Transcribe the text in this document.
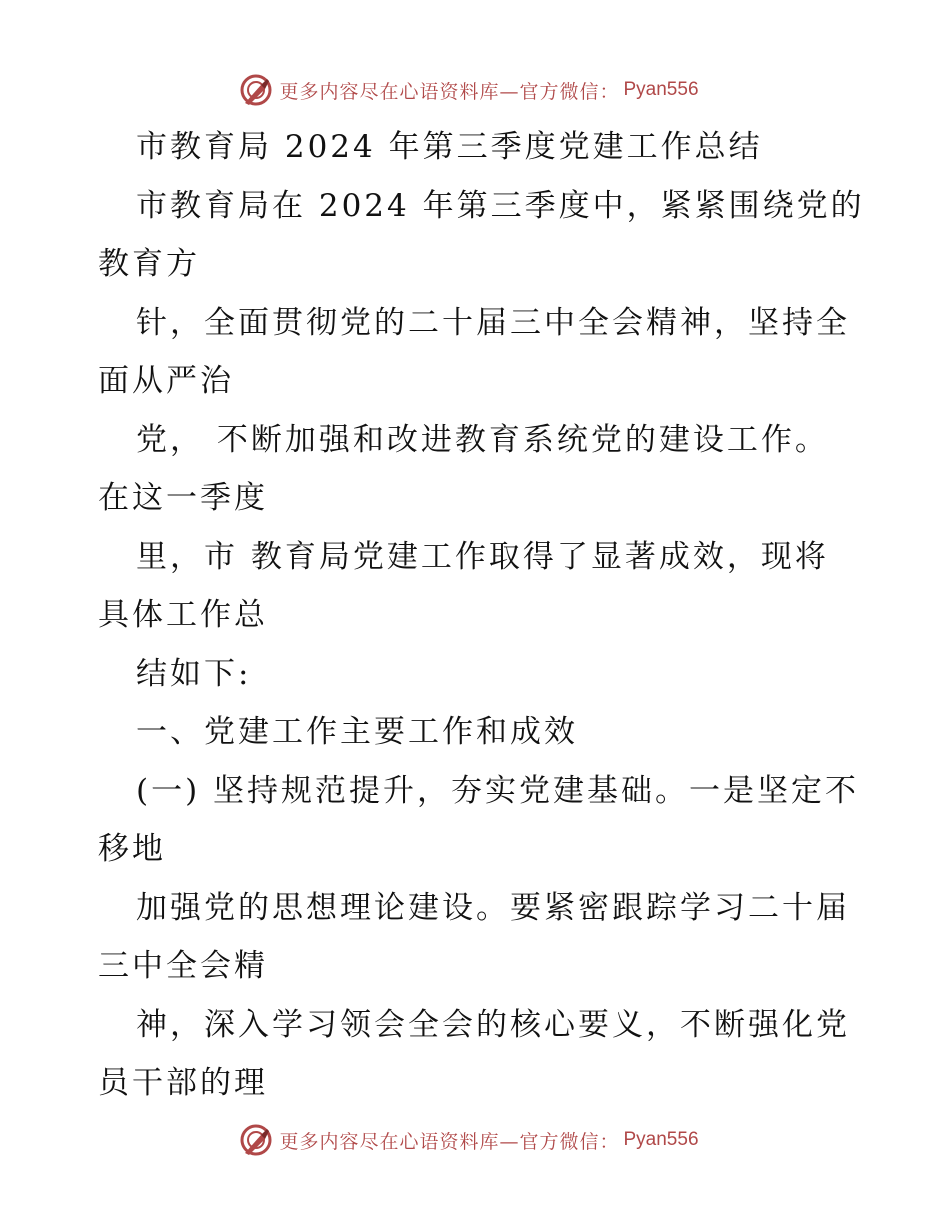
更多内容尽在心语资料库—官方微信： Pyan556
市教育局 2024 年第三季度党建工作总结
市教育局在 2024 年第三季度中，紧紧围绕党的
教育方
针，全面贯彻党的二十届三中全会精神，坚持全
面从严治
党， 不断加强和改进教育系统党的建设工作。
在这一季度
里，市 教育局党建工作取得了显著成效，现将
具体工作总
结如下:
一、党建工作主要工作和成效
(一) 坚持规范提升，夯实党建基础。一是坚定不
移地
加强党的思想理论建设。要紧密跟踪学习二十届
三中全会精
神，深入学习领会全会的核心要义，不断强化党
员干部的理
更多内容尽在心语资料库—官方微信： Pyan556
